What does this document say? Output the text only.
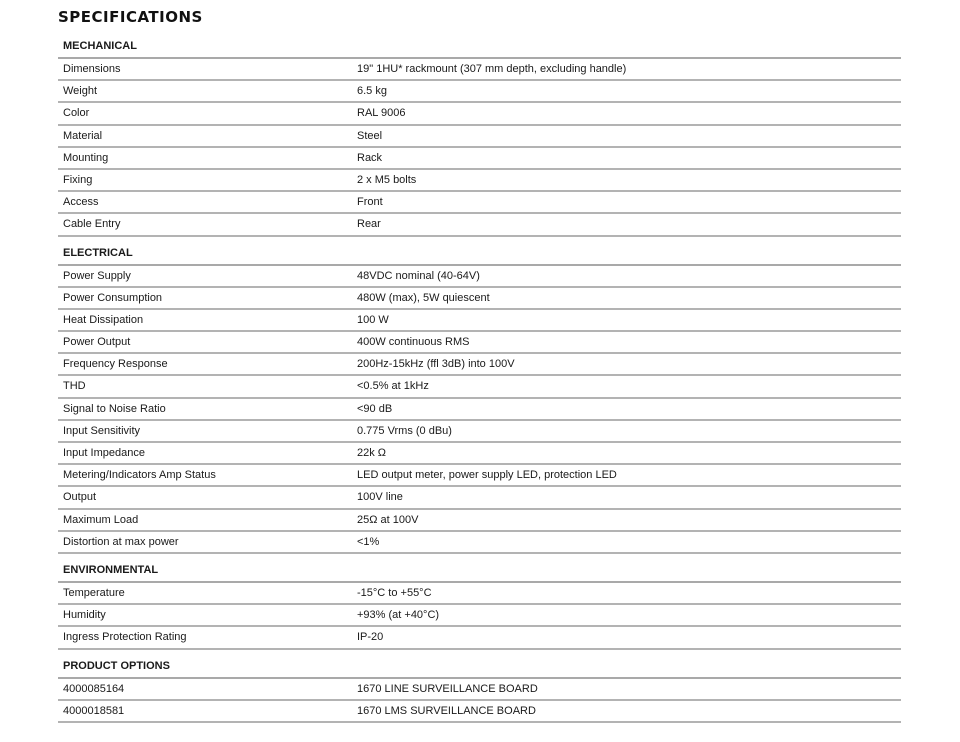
SPECIFICATIONS
MECHANICAL
Dimensions	19" 1HU* rackmount (307 mm depth, excluding handle)
Weight	6.5 kg
Color	RAL 9006
Material	Steel
Mounting	Rack
Fixing	2 x M5 bolts
Access	Front
Cable Entry	Rear
ELECTRICAL
Power Supply	48VDC nominal (40-64V)
Power Consumption	480W (max), 5W quiescent
Heat Dissipation	100 W
Power Output	400W continuous RMS
Frequency Response	200Hz-15kHz (ffl 3dB) into 100V
THD	<0.5% at 1kHz
Signal to Noise Ratio	<90 dB
Input Sensitivity	0.775 Vrms (0 dBu)
Input Impedance	22k Ω
Metering/Indicators Amp Status	LED output meter, power supply LED, protection LED
Output	100V line
Maximum Load	25Ω at 100V
Distortion at max power	<1%
ENVIRONMENTAL
Temperature	-15°C to +55°C
Humidity	+93% (at +40°C)
Ingress Protection Rating	IP-20
PRODUCT OPTIONS
4000085164	1670 LINE SURVEILLANCE BOARD
4000018581	1670 LMS SURVEILLANCE BOARD
